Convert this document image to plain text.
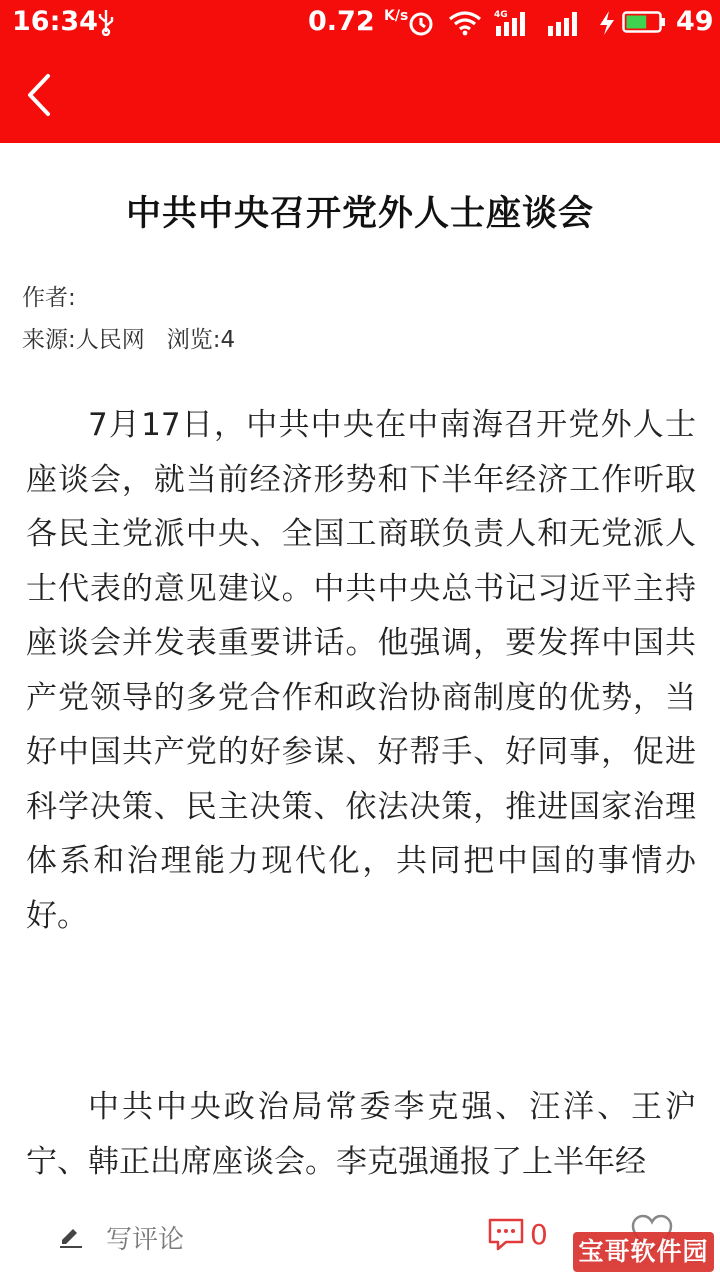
16:34	0.72 $^{K/s}$	4G	49
中共中央召开党外人士座谈会
作者:
来源:人民网 浏览:4

7月17日，中共中央在中南海召开党外人士座谈会，就当前经济形势和下半年经济工作听取各民主党派中央、全国工商联负责人和无党派人士代表的意见建议。中共中央总书记习近平主持座谈会并发表重要讲话。他强调，要发挥中国共产党领导的多党合作和政治协商制度的优势，当好中国共产党的好参谋、好帮手、好同事，促进科学决策、民主决策、依法决策，推进国家治理体系和治理能力现代化，共同把中国的事情办好。

中共中央政治局常委李克强、汪洋、王沪宁、韩正出席座谈会。李克强通报了上半年经

写评论	0
宝哥软件园
